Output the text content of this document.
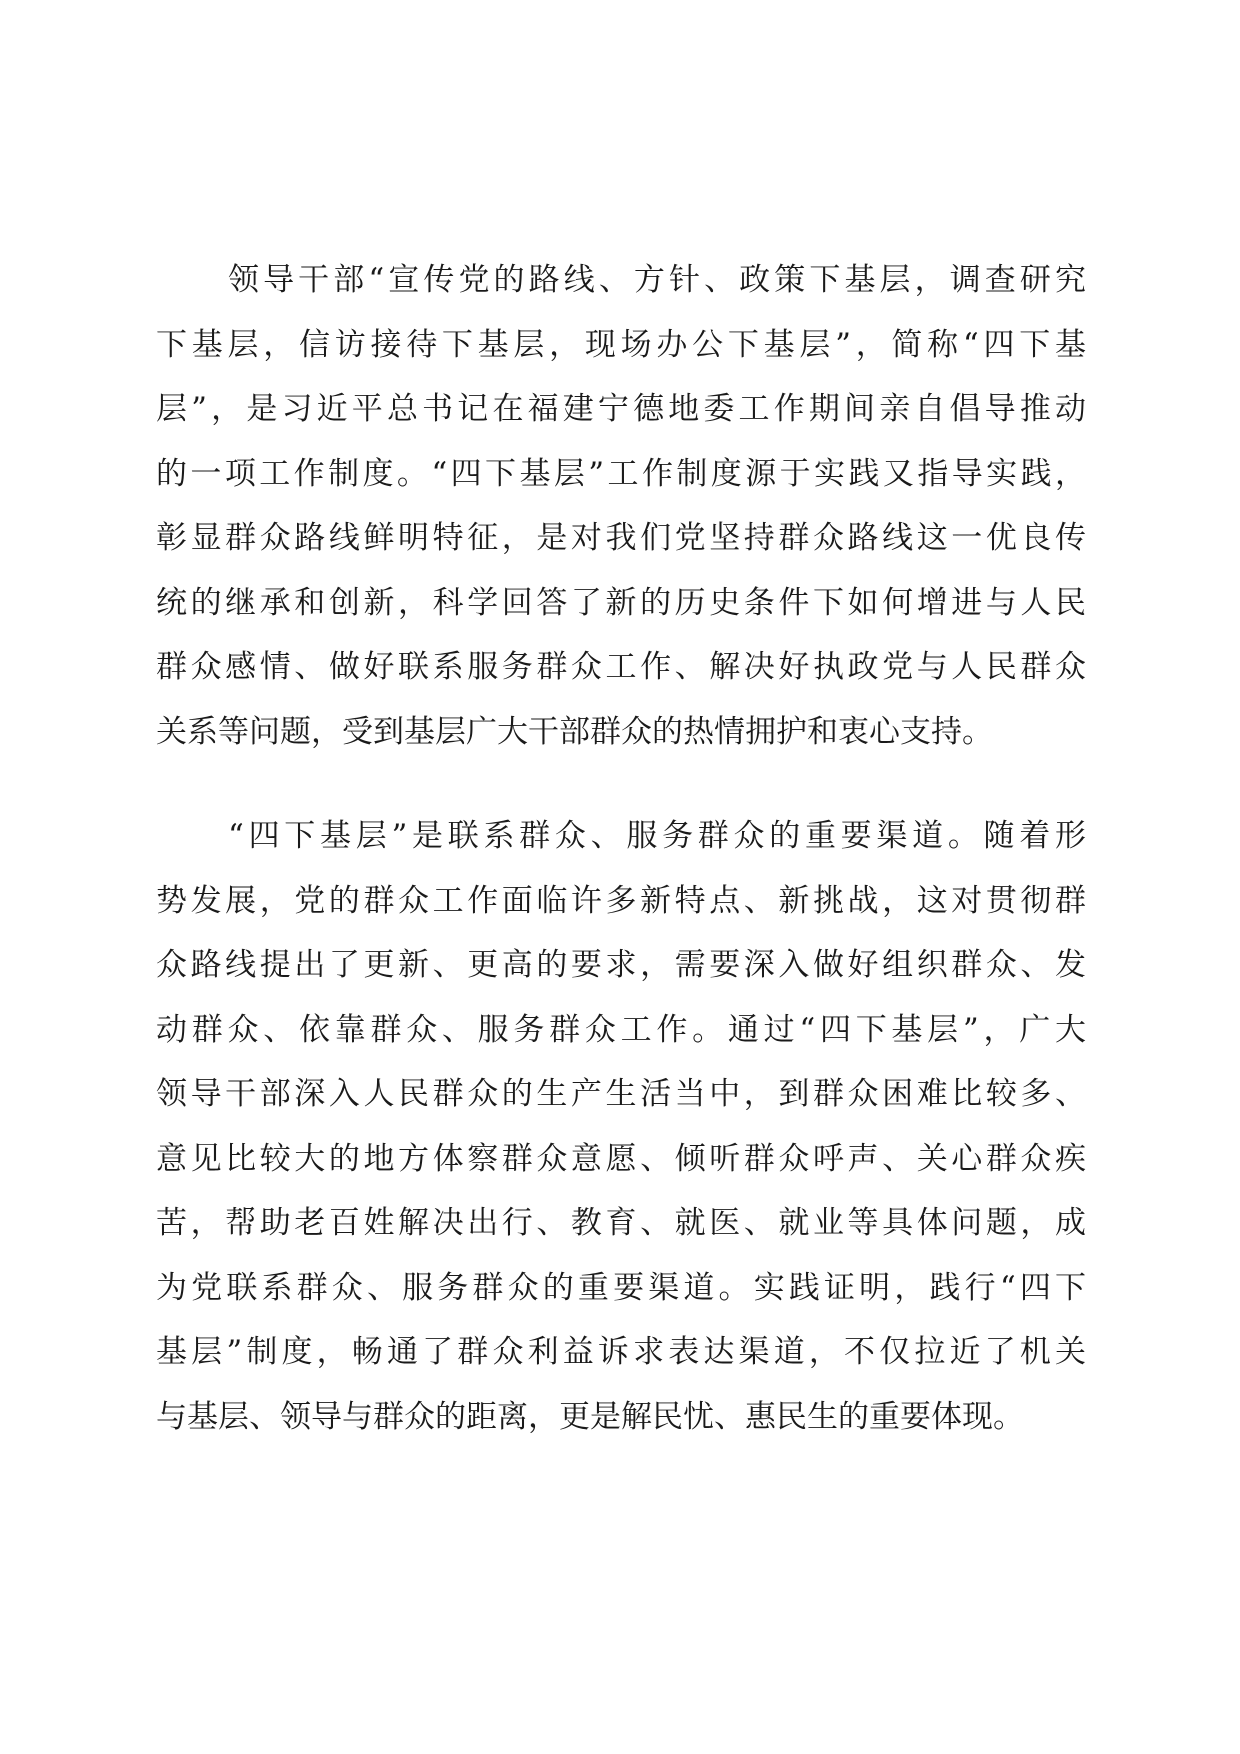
领导干部“宣传党的路线、方针、政策下基层，调查研究
下基层，信访接待下基层，现场办公下基层”，简称“四下基
层”，是习近平总书记在福建宁德地委工作期间亲自倡导推动
的一项工作制度。“四下基层”工作制度源于实践又指导实践，
彰显群众路线鲜明特征，是对我们党坚持群众路线这一优良传
统的继承和创新，科学回答了新的历史条件下如何增进与人民
群众感情、做好联系服务群众工作、解决好执政党与人民群众
关系等问题，受到基层广大干部群众的热情拥护和衷心支持。
“四下基层”是联系群众、服务群众的重要渠道。随着形
势发展，党的群众工作面临许多新特点、新挑战，这对贯彻群
众路线提出了更新、更高的要求，需要深入做好组织群众、发
动群众、依靠群众、服务群众工作。通过“四下基层”，广大
领导干部深入人民群众的生产生活当中，到群众困难比较多、
意见比较大的地方体察群众意愿、倾听群众呼声、关心群众疾
苦，帮助老百姓解决出行、教育、就医、就业等具体问题，成
为党联系群众、服务群众的重要渠道。实践证明，践行“四下
基层”制度，畅通了群众利益诉求表达渠道，不仅拉近了机关
与基层、领导与群众的距离，更是解民忧、惠民生的重要体现。
